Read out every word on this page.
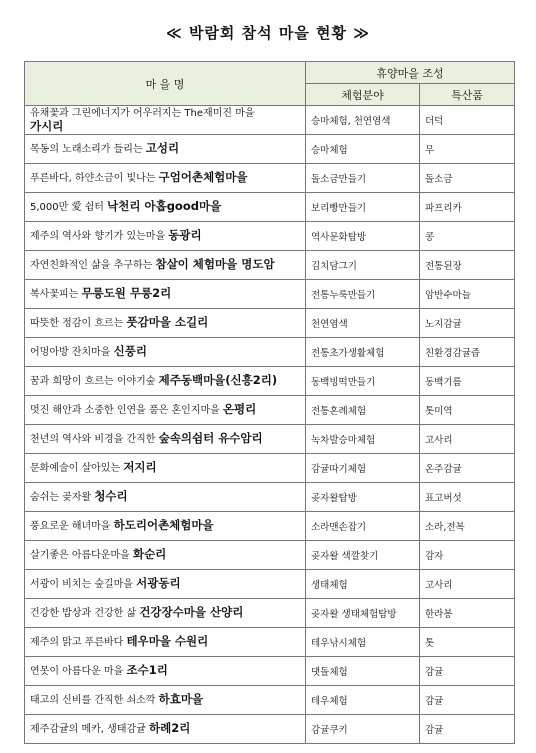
≪ 박람회 참석 마을 현황 ≫
마 을 명	휴양마을 조성	
	체험분야	특산품

유채꽃과 그린에너지가 어우러지는 The재미진 마을
가시리	승마체험, 천연염색	더덕
목동의 노래소리가 들리는 고성리	승마체험	무
푸른바다, 하얀소금이 빛나는 구엄어촌체험마을	돌소금만들기	돌소금
5,000만 愛 쉼터 낙천리 아홉good마을	보리빵만들기	파프리카
제주의 역사와 향기가 있는마을 동광리	역사문화탐방	콩
자연친화적인 삶을 추구하는 참살이 체험마을 명도암	김치담그기	전통된장
복사꽃피는 무릉도원 무릉2리	전통누룩만들기	암반수마늘
따뜻한 정감이 흐르는 풋감마을 소길리	천연염색	노지감귤
어멍아방 잔치마을 신풍리	전통초가생활체험	친환경감귤즙
꿈과 희망이 흐르는 이야기숲 제주동백마을(신흥2리)	동백빙떡만들기	동백기름
멋진 해안과 소중한 인연을 품은 혼인지마을 온평리	전통혼례체험	톳미역
천년의 역사와 비경을 간직한 숲속의쉼터 유수암리	녹차발승마체험	고사리
문화예술이 살아있는 저지리	감귤따기체험	온주감귤
숨쉬는 곶자왈 청수리	곶자왈탐방	표고버섯
풍요로운 해녀마을 하도리어촌체험마을	소라맨손잡기	소라,전복
살기좋은 아름다운마을 화순리	곶자왈 색깔찾기	감자
서광이 비치는 숲길마을 서광동리	생태체험	고사리
건강한 밥상과 건강한 삶 건강장수마을 산양리	곶자왈 생태체험탐방	한라봉
제주의 맑고 푸른바다 테우마을 수원리	테우낚시체험	톳
연못이 아름다운 마을 조수1리	댓돌체험	감귤
태고의 신비를 간직한 쇠소깍 하효마을	테우체험	감귤
제주감귤의 메카, 생태감귤 하례2리	감귤쿠키	감귤
